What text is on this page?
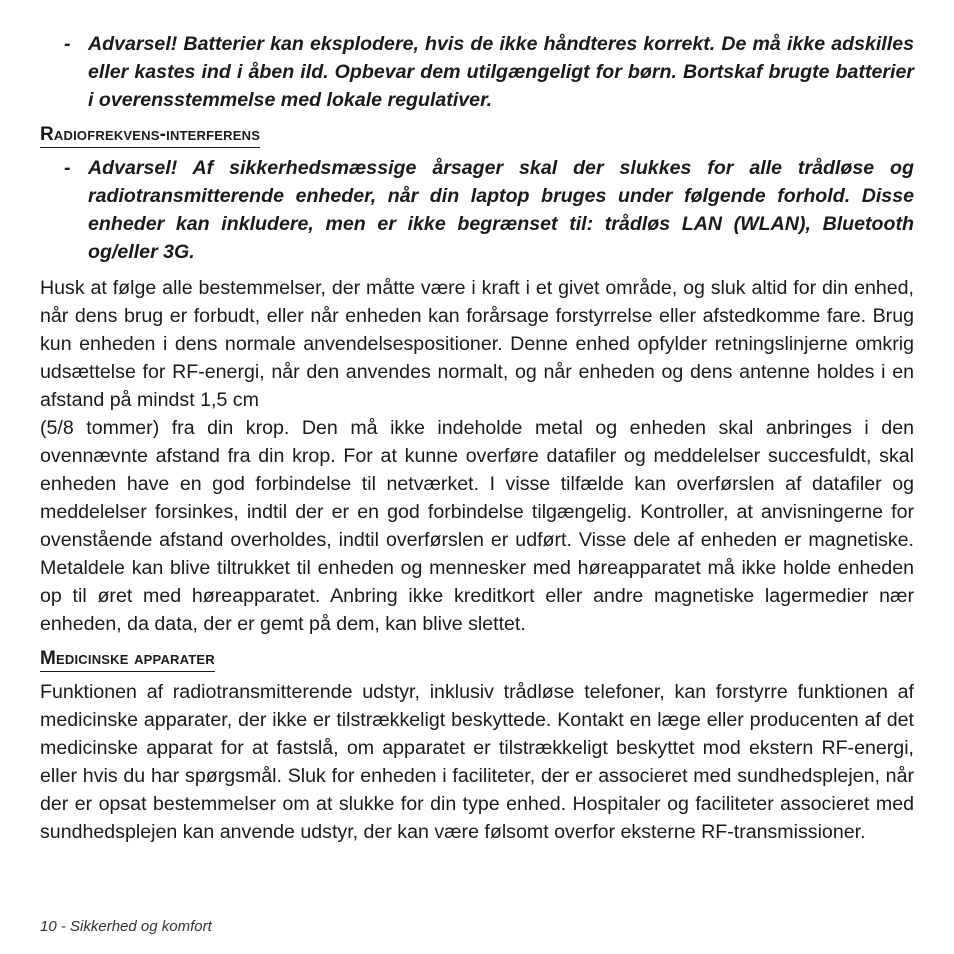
- Advarsel! Batterier kan eksplodere, hvis de ikke håndteres korrekt. De må ikke adskilles eller kastes ind i åben ild. Opbevar dem utilgængeligt for børn. Bortskaf brugte batterier i overensstemmelse med lokale regulativer.
Radiofrekvens-interferens
- Advarsel! Af sikkerhedsmæssige årsager skal der slukkes for alle trådløse og radiotransmitterende enheder, når din laptop bruges under følgende forhold. Disse enheder kan inkludere, men er ikke begrænset til: trådløs LAN (WLAN), Bluetooth og/eller 3G.

Husk at følge alle bestemmelser, der måtte være i kraft i et givet område, og sluk altid for din enhed, når dens brug er forbudt, eller når enheden kan forårsage forstyrrelse eller afstedkomme fare. Brug kun enheden i dens normale anvendelsespositioner. Denne enhed opfylder retningslinjerne omkrig udsættelse for RF-energi, når den anvendes normalt, og når enheden og dens antenne holdes i en afstand på mindst 1,5 cm

(5/8 tommer) fra din krop. Den må ikke indeholde metal og enheden skal anbringes i den ovennævnte afstand fra din krop. For at kunne overføre datafiler og meddelelser succesfuldt, skal enheden have en god forbindelse til netværket. I visse tilfælde kan overførslen af datafiler og meddelelser forsinkes, indtil der er en god forbindelse tilgængelig. Kontroller, at anvisningerne for ovenstående afstand overholdes, indtil overførslen er udført. Visse dele af enheden er magnetiske. Metaldele kan blive tiltrukket til enheden og mennesker med høreapparatet må ikke holde enheden op til øret med høreapparatet. Anbring ikke kreditkort eller andre magnetiske lagermedier nær enheden, da data, der er gemt på dem, kan blive slettet.

Medicinske apparater

Funktionen af radiotransmitterende udstyr, inklusiv trådløse telefoner, kan forstyrre funktionen af medicinske apparater, der ikke er tilstrækkeligt beskyttede. Kontakt en læge eller producenten af det medicinske apparat for at fastslå, om apparatet er tilstrækkeligt beskyttet mod ekstern RF-energi, eller hvis du har spørgsmål. Sluk for enheden i faciliteter, der er associeret med sundhedsplejen, når der er opsat bestemmelser om at slukke for din type enhed. Hospitaler og faciliteter associeret med sundhedsplejen kan anvende udstyr, der kan være følsomt overfor eksterne RF-transmissioner.

10 - Sikkerhed og komfort
